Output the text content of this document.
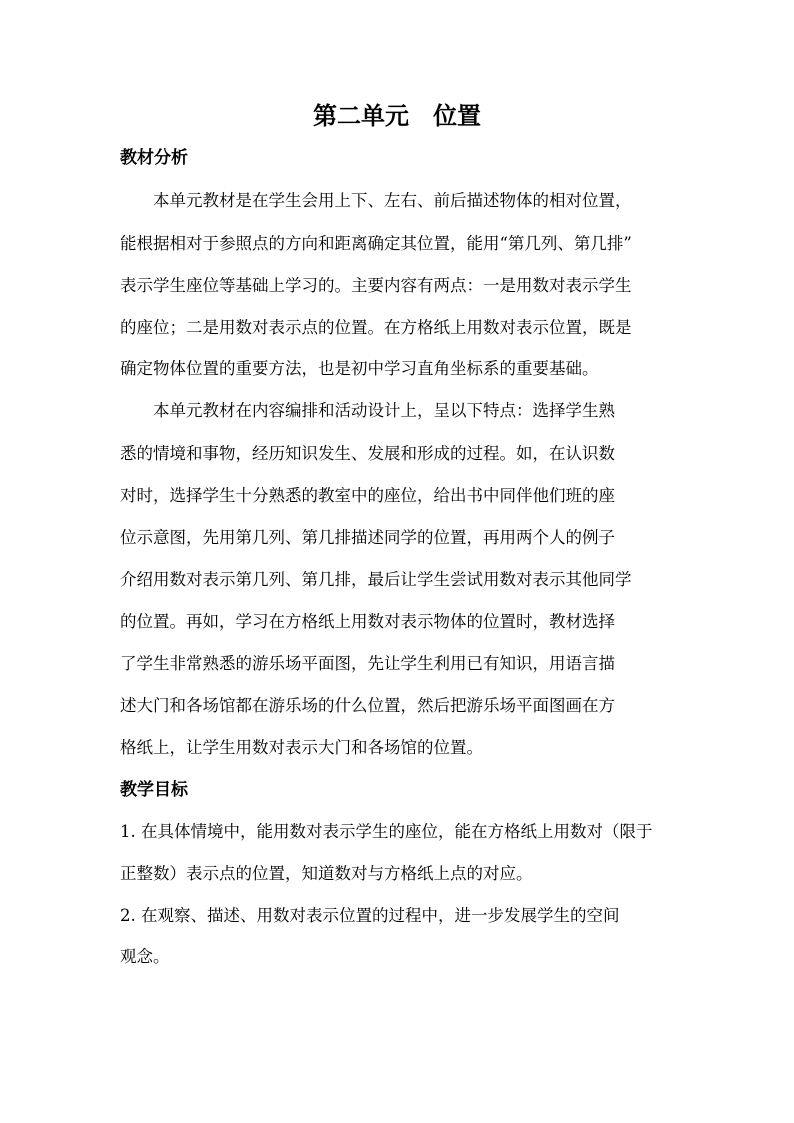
第二单元　位置
教材分析
本单元教材是在学生会用上下、左右、前后描述物体的相对位置，
能根据相对于参照点的方向和距离确定其位置，能用“第几列、第几排”
表示学生座位等基础上学习的。主要内容有两点：一是用数对表示学生
的座位；二是用数对表示点的位置。在方格纸上用数对表示位置，既是
确定物体位置的重要方法，也是初中学习直角坐标系的重要基础。
本单元教材在内容编排和活动设计上，呈以下特点：选择学生熟
悉的情境和事物，经历知识发生、发展和形成的过程。如，在认识数
对时，选择学生十分熟悉的教室中的座位，给出书中同伴他们班的座
位示意图，先用第几列、第几排描述同学的位置，再用两个人的例子
介绍用数对表示第几列、第几排，最后让学生尝试用数对表示其他同学
的位置。再如，学习在方格纸上用数对表示物体的位置时，教材选择
了学生非常熟悉的游乐场平面图，先让学生利用已有知识，用语言描
述大门和各场馆都在游乐场的什么位置，然后把游乐场平面图画在方
格纸上，让学生用数对表示大门和各场馆的位置。
教学目标
1. 在具体情境中，能用数对表示学生的座位，能在方格纸上用数对（限于
正整数）表示点的位置，知道数对与方格纸上点的对应。
2. 在观察、描述、用数对表示位置的过程中，进一步发展学生的空间
观念。
